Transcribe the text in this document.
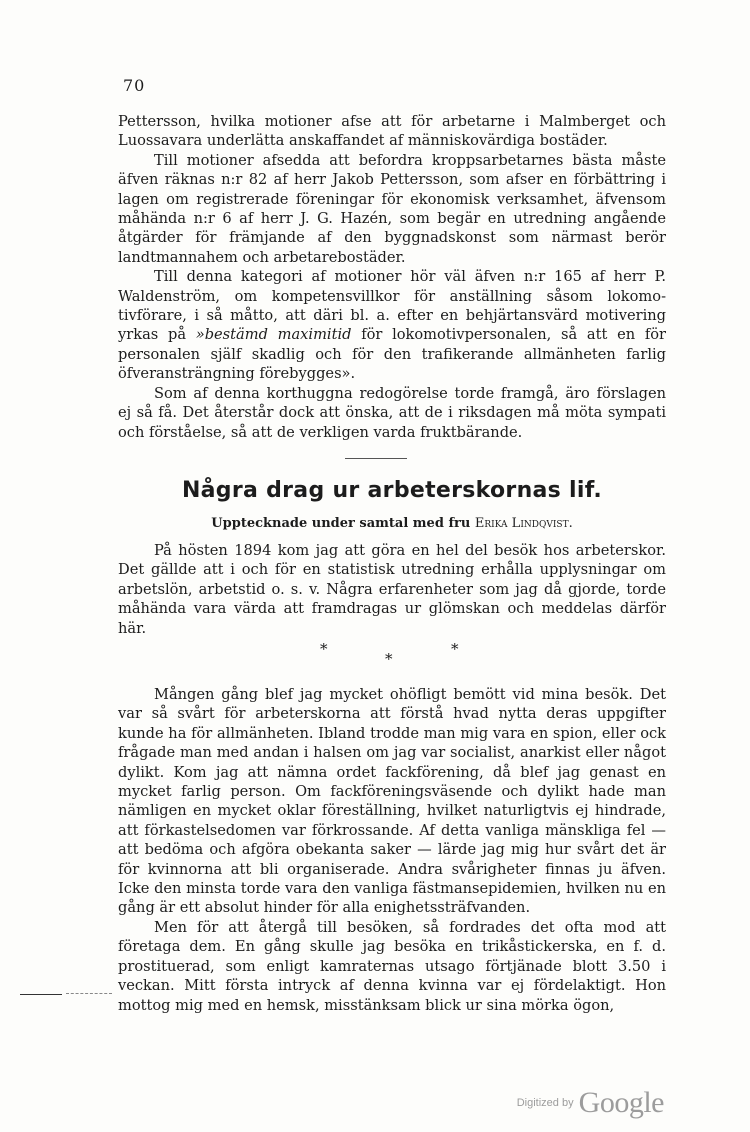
70

Pettersson, hvilka motioner afse att för arbetarne i Malmberget och Luossavara underlätta anskaffandet af människovärdiga bostäder.

Till motioner afsedda att befordra kroppsarbetarnes bästa måste äfven räknas n:r 82 af herr Jakob Pettersson, som afser en förbättring i lagen om registrerade föreningar för ekonomisk verksamhet, äfvensom måhända n:r 6 af herr J. G. Hazén, som begär en utredning angående åtgärder för främjande af den byggnadskonst som närmast berör landtmannahem och arbetarebostäder.

Till denna kategori af motioner hör väl äfven n:r 165 af herr P. Waldenström, om kompetensvillkor för anställning såsom lokomotivförare, i så måtto, att däri bl. a. efter en behjärtansvärd motivering yrkas på »bestämd maximitid för lokomotivpersonalen, så att en för personalen själf skadlig och för den trafikerande allmänheten farlig öfveransträngning förebygges».

Som af denna korthuggna redogörelse torde framgå, äro förslagen ej så få. Det återstår dock att önska, att de i riksdagen må möta sympati och förståelse, så att de verkligen varda fruktbärande.

Några drag ur arbeterskornas lif.
Upptecknade under samtal med fru Erika Lindqvist.

På hösten 1894 kom jag att göra en hel del besök hos arbeterskor. Det gällde att i och för en statistisk utredning erhålla upplysningar om arbetslön, arbetstid o. s. v. Några erfarenheter som jag då gjorde, torde måhända vara värda att framdragas ur glömskan och meddelas därför här.

*
*
*

Mången gång blef jag mycket ohöfligt bemött vid mina besök. Det var så svårt för arbeterskorna att förstå hvad nytta deras uppgifter kunde ha för allmänheten. Ibland trodde man mig vara en spion, eller ock frågade man med andan i halsen om jag var socialist, anarkist eller något dylikt. Kom jag att nämna ordet fackförening, då blef jag genast en mycket farlig person. Om fackföreningsväsende och dylikt hade man nämligen en mycket oklar föreställning, hvilket naturligtvis ej hindrade, att förkastelsedomen var förkrossande. Af detta vanliga mänskliga fel — att bedöma och afgöra obekanta saker — lärde jag mig hur svårt det är för kvinnorna att bli organiserade. Andra svårigheter finnas ju äfven. Icke den minsta torde vara den vanliga fästmansepidemien, hvilken nu en gång är ett absolut hinder för alla enighetssträfvanden.

Men för att återgå till besöken, så fordrades det ofta mod att företaga dem. En gång skulle jag besöka en trikåstickerska, en f. d. prostituerad, som enligt kamraternas utsago förtjänade blott 3.50 i veckan. Mitt första intryck af denna kvinna var ej fördelaktigt. Hon mottog mig med en hemsk, misstänksam blick ur sina mörka ögon,

Digitized by Google
